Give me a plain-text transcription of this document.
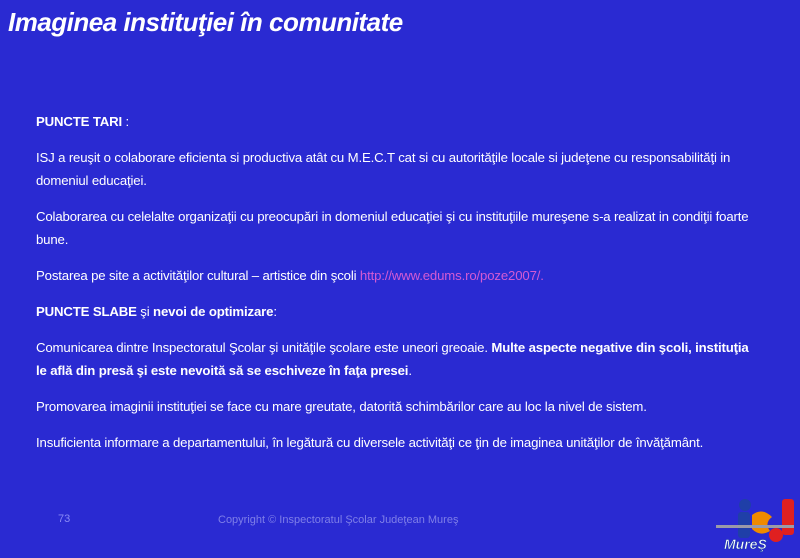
Imaginea instituţiei în comunitate

PUNCTE TARI :

ISJ a reuşit o colaborare eficienta si productiva atât cu M.E.C.T cat si cu autorităţile locale si judeţene cu responsabilităţi in domeniul educaţiei.

Colaborarea cu celelalte organizaţii cu preocupări in domeniul educaţiei şi cu instituţiile mureşene s-a realizat in condiţii foarte bune.

Postarea pe site a activităţilor cultural – artistice din şcoli http://www.edums.ro/poze2007/.

PUNCTE SLABE şi nevoi de optimizare:

Comunicarea dintre Inspectoratul Şcolar şi unităţile şcolare este uneori greoaie. Multe aspecte negative din şcoli, instituţia le află din presă şi este nevoită să se eschiveze în faţa presei.

Promovarea imaginii instituţiei se face cu mare greutate, datorită schimbărilor care au loc la nivel de sistem.

Insuficienta informare a departamentului, în legătură cu diversele activităţi ce ţin de imaginea unităţilor de învăţământ.

73	Copyright © Inspectoratul Şcolar Judeţean Mureş
MureŞ
